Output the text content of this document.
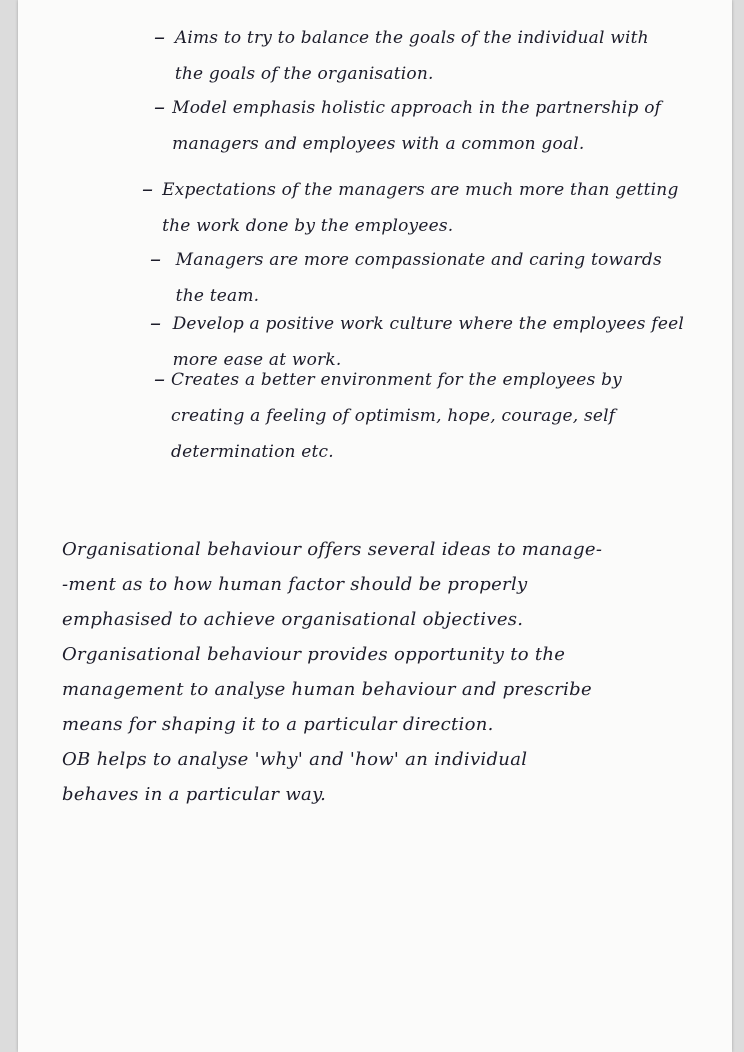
– Aims to try to balance the goals of the individual with the goals of the organisation.
– Model emphasis holistic approach in the partnership of managers and employees with a common goal.
– Expectations of the managers are much more than getting the work done by the employees.
– Managers are more compassionate and caring towards the team.
– Develop a positive work culture where the employees feel more ease at work.
– Creates a better environment for the employees by creating a feeling of optimism, hope, courage, self determination etc.
Organisational behaviour offers several ideas to manage-
-ment as to how human factor should be properly
emphasised to achieve organisational objectives.
Organisational behaviour provides opportunity to the
management to analyse human behaviour and prescribe
means for shaping it to a particular direction.
OB helps to analyse 'why' and 'how' an individual
behaves in a particular way.
